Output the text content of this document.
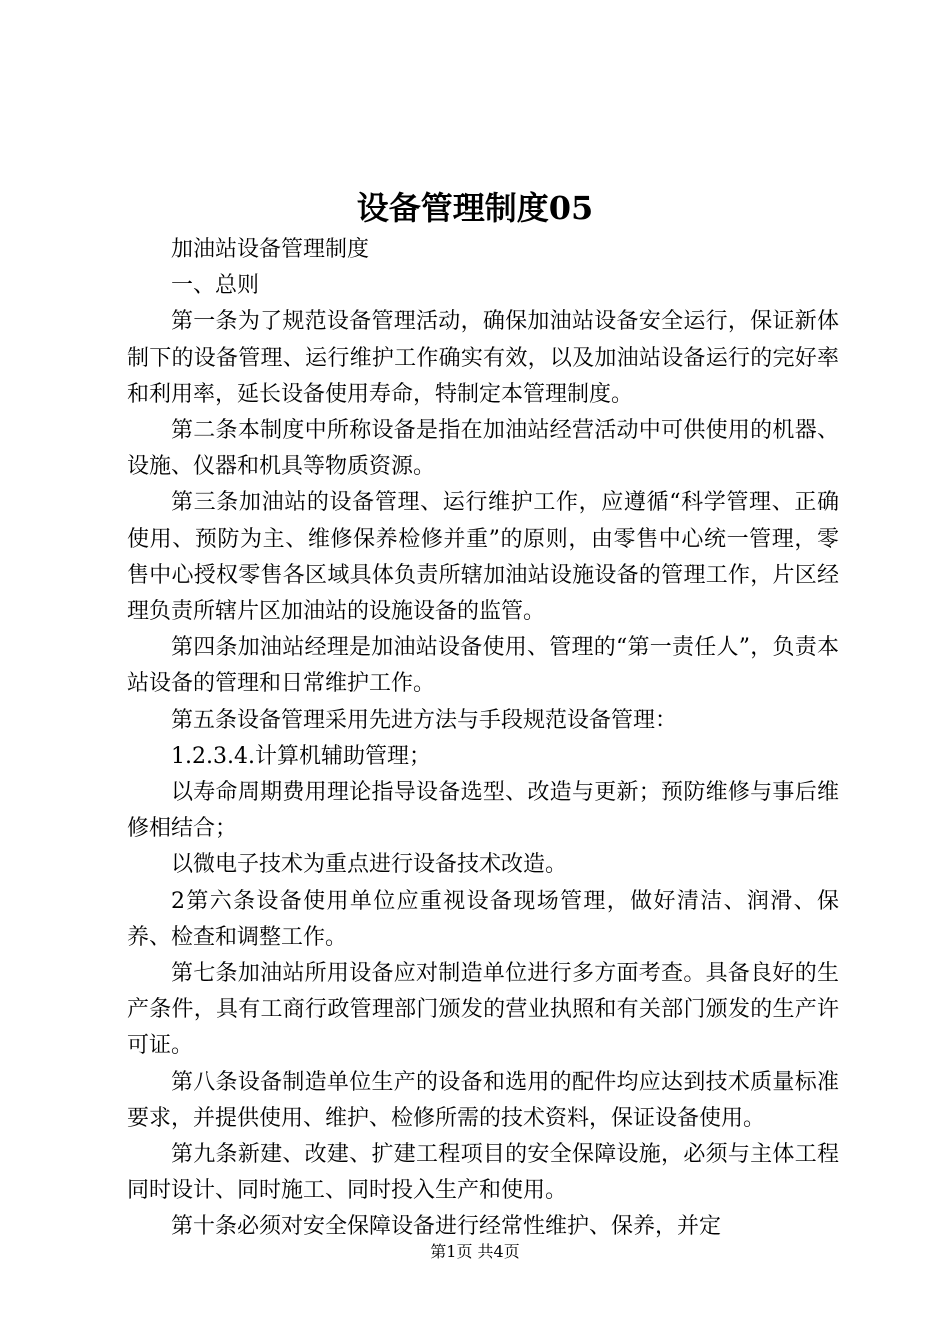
设备管理制度05

加油站设备管理制度

一、总则

第一条为了规范设备管理活动，确保加油站设备安全运行，保证新体制下的设备管理、运行维护工作确实有效，以及加油站设备运行的完好率和利用率，延长设备使用寿命，特制定本管理制度。

第二条本制度中所称设备是指在加油站经营活动中可供使用的机器、设施、仪器和机具等物质资源。

第三条加油站的设备管理、运行维护工作，应遵循“科学管理、正确使用、预防为主、维修保养检修并重”的原则，由零售中心统一管理，零售中心授权零售各区域具体负责所辖加油站设施设备的管理工作，片区经理负责所辖片区加油站的设施设备的监管。

第四条加油站经理是加油站设备使用、管理的“第一责任人”，负责本站设备的管理和日常维护工作。

第五条设备管理采用先进方法与手段规范设备管理：

1.2.3.4.计算机辅助管理；

以寿命周期费用理论指导设备选型、改造与更新；预防维修与事后维修相结合；

以微电子技术为重点进行设备技术改造。

2第六条设备使用单位应重视设备现场管理，做好清洁、润滑、保养、检查和调整工作。

第七条加油站所用设备应对制造单位进行多方面考查。具备良好的生产条件，具有工商行政管理部门颁发的营业执照和有关部门颁发的生产许可证。

第八条设备制造单位生产的设备和选用的配件均应达到技术质量标准要求，并提供使用、维护、检修所需的技术资料，保证设备使用。

第九条新建、改建、扩建工程项目的安全保障设施，必须与主体工程同时设计、同时施工、同时投入生产和使用。

第十条必须对安全保障设备进行经常性维护、保养，并定

第1页 共4页
